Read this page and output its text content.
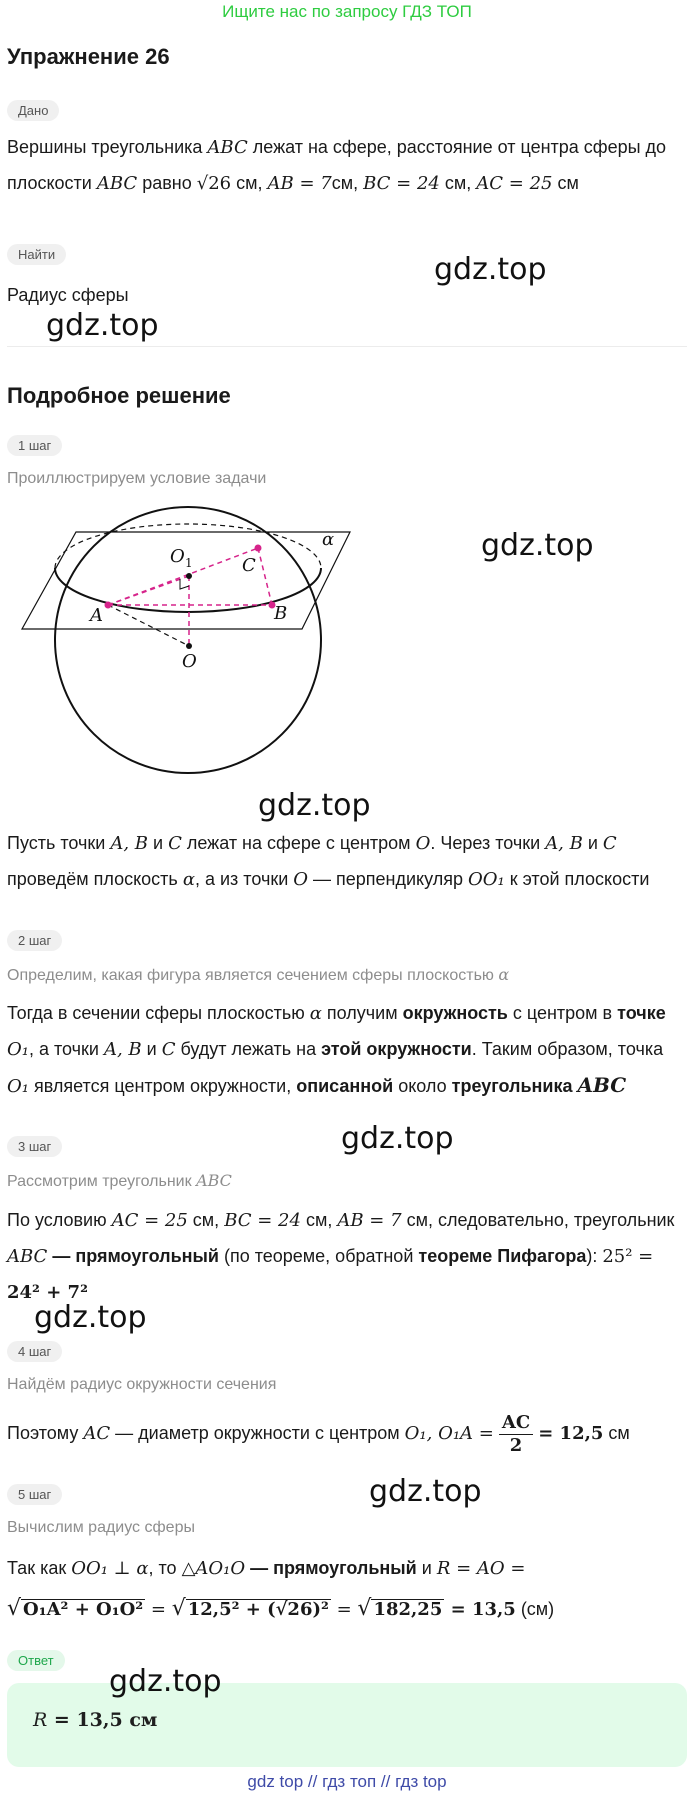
Ищите нас по запросу ГДЗ ТОП
Упражнение 26
Дано
Вершины треугольника ABC лежат на сфере, расстояние от центра сферы до
плоскости ABC равно √26 см, AB = 7см, BC = 24 см, AC = 25 см
Найти
Радиус сферы
Подробное решение
1 шаг
Проиллюстрируем условие задачи
α
O 1	C
A	B
O
Пусть точки A, B и C лежат на сфере с центром O. Через точки A, B и C
проведём плоскость α, а из точки O — перпендикуляр OO₁ к этой плоскости
2 шаг
Определим, какая фигура является сечением сферы плоскостью α
Тогда в сечении сферы плоскостью α получим окружность с центром в точке
O₁, а точки A, B и C будут лежать на этой окружности. Таким образом, точка
O₁ является центром окружности, описанной около треугольника ABC
3 шаг
Рассмотрим треугольник ABC
По условию AC = 25 см, BC = 24 см, AB = 7 см, следовательно, треугольник
ABC — прямоугольный (по теореме, обратной теореме Пифагора): 25² =
24² + 7²
4 шаг
Найдём радиус окружности сечения
Поэтому AC — диаметр окружности с центром O₁, $O_1A = \frac{AC}{2} = 12,5$ см
5 шаг
Вычислим радиус сферы
Так как OO₁ ⊥ α, то △AO₁O — прямоугольный и R = AO =
√ O₁A² + O₁O² = √ 12,5² + (√26)² = √ 182,25 = 13,5 (см)
Ответ
R = 13,5 см
gdz.top
gdz.top
gdz.top
gdz.top
gdz.top
gdz.top
gdz.top
gdz.top
gdz top // гдз топ // гдз top
